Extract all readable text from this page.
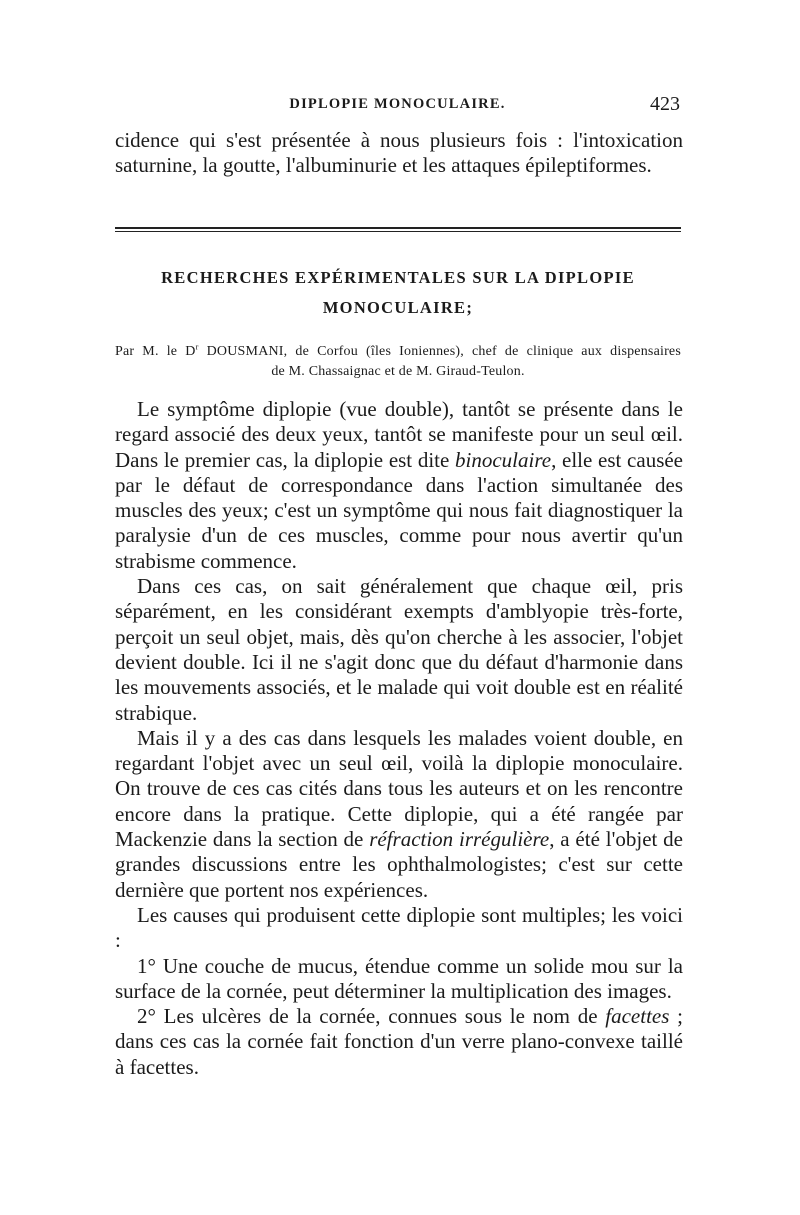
DIPLOPIE MONOCULAIRE.	423

cidence qui s'est présentée à nous plusieurs fois : l'intoxication saturnine, la goutte, l'albuminurie et les attaques épileptiformes.

RECHERCHES EXPÉRIMENTALES SUR LA DIPLOPIE
MONOCULAIRE;
Par M. le $D^r$ DOUSMANI, de Corfou (îles Ioniennes), chef de clinique aux dispensaires
de M. Chassaignac et de M. Giraud-Teulon.

Le symptôme diplopie (vue double), tantôt se présente dans le regard associé des deux yeux, tantôt se manifeste pour un seul œil. Dans le premier cas, la diplopie est dite binoculaire, elle est causée par le défaut de correspondance dans l'action simultanée des muscles des yeux; c'est un symptôme qui nous fait diagnostiquer la paralysie d'un de ces muscles, comme pour nous avertir qu'un strabisme commence.

Dans ces cas, on sait généralement que chaque œil, pris séparément, en les considérant exempts d'amblyopie très-forte, perçoit un seul objet, mais, dès qu'on cherche à les associer, l'objet devient double. Ici il ne s'agit donc que du défaut d'harmonie dans les mouvements associés, et le malade qui voit double est en réalité strabique.

Mais il y a des cas dans lesquels les malades voient double, en regardant l'objet avec un seul œil, voilà la diplopie monoculaire. On trouve de ces cas cités dans tous les auteurs et on les rencontre encore dans la pratique. Cette diplopie, qui a été rangée par Mackenzie dans la section de réfraction irrégulière, a été l'objet de grandes discussions entre les ophthalmologistes; c'est sur cette dernière que portent nos expériences.

Les causes qui produisent cette diplopie sont multiples; les voici :

1° Une couche de mucus, étendue comme un solide mou sur la surface de la cornée, peut déterminer la multiplication des images.

2° Les ulcères de la cornée, connues sous le nom de facettes ; dans ces cas la cornée fait fonction d'un verre plano-convexe taillé à facettes.
